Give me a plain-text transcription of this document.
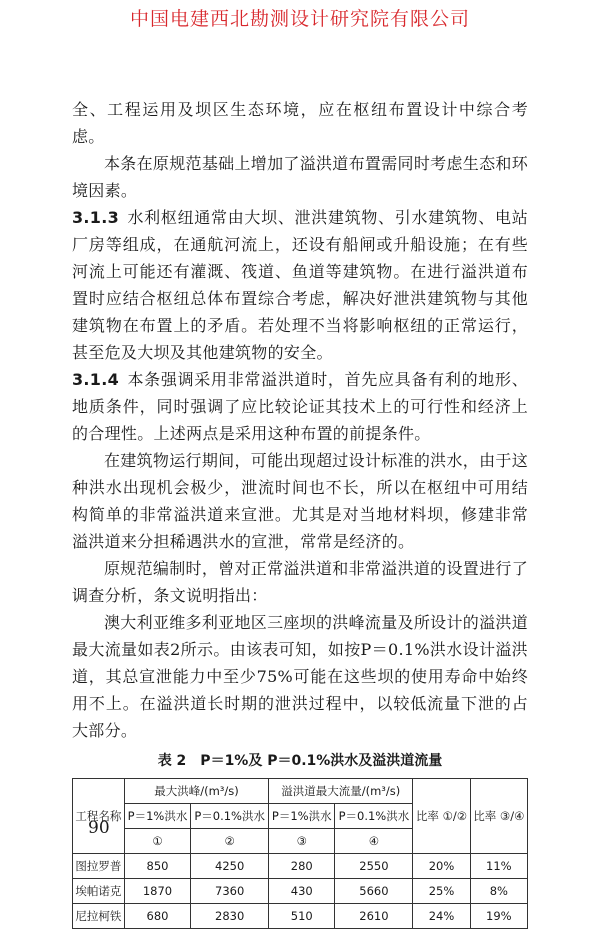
中国电建西北勘测设计研究院有限公司

全、工程运用及坝区生态环境，应在枢纽布置设计中综合考虑。

本条在原规范基础上增加了溢洪道布置需同时考虑生态和环境因素。

3.1.3 水利枢纽通常由大坝、泄洪建筑物、引水建筑物、电站厂房等组成，在通航河流上，还设有船闸或升船设施；在有些河流上可能还有灌溉、筏道、鱼道等建筑物。在进行溢洪道布置时应结合枢纽总体布置综合考虑，解决好泄洪建筑物与其他建筑物在布置上的矛盾。若处理不当将影响枢纽的正常运行，甚至危及大坝及其他建筑物的安全。

3.1.4 本条强调采用非常溢洪道时，首先应具备有利的地形、地质条件，同时强调了应比较论证其技术上的可行性和经济上的合理性。上述两点是采用这种布置的前提条件。

在建筑物运行期间，可能出现超过设计标准的洪水，由于这种洪水出现机会极少，泄流时间也不长，所以在枢纽中可用结构简单的非常溢洪道来宣泄。尤其是对当地材料坝，修建非常溢洪道来分担稀遇洪水的宣泄，常常是经济的。

原规范编制时，曾对正常溢洪道和非常溢洪道的设置进行了调查分析，条文说明指出：

澳大利亚维多利亚地区三座坝的洪峰流量及所设计的溢洪道最大流量如表2所示。由该表可知，如按P＝0.1%洪水设计溢洪道，其总宣泄能力中至少75%可能在这些坝的使用寿命中始终用不上。在溢洪道长时期的泄洪过程中，以较低流量下泄的占大部分。

表 2　P＝1%及 P＝0.1%洪水及溢洪道流量
工程名称	最大洪峰/(m³/s)		溢洪道最大流量/(m³/s)		比率 ①/②	比率 ③/④
	P＝1%洪水	P＝0.1%洪水	P＝1%洪水	P＝0.1%洪水		
	①	②	③	④		
图拉罗普	850	4250	280	2550	20%	11%
埃帕诺克	1870	7360	430	5660	25%	8%
尼拉柯铁	680	2830	510	2610	24%	19%
90
